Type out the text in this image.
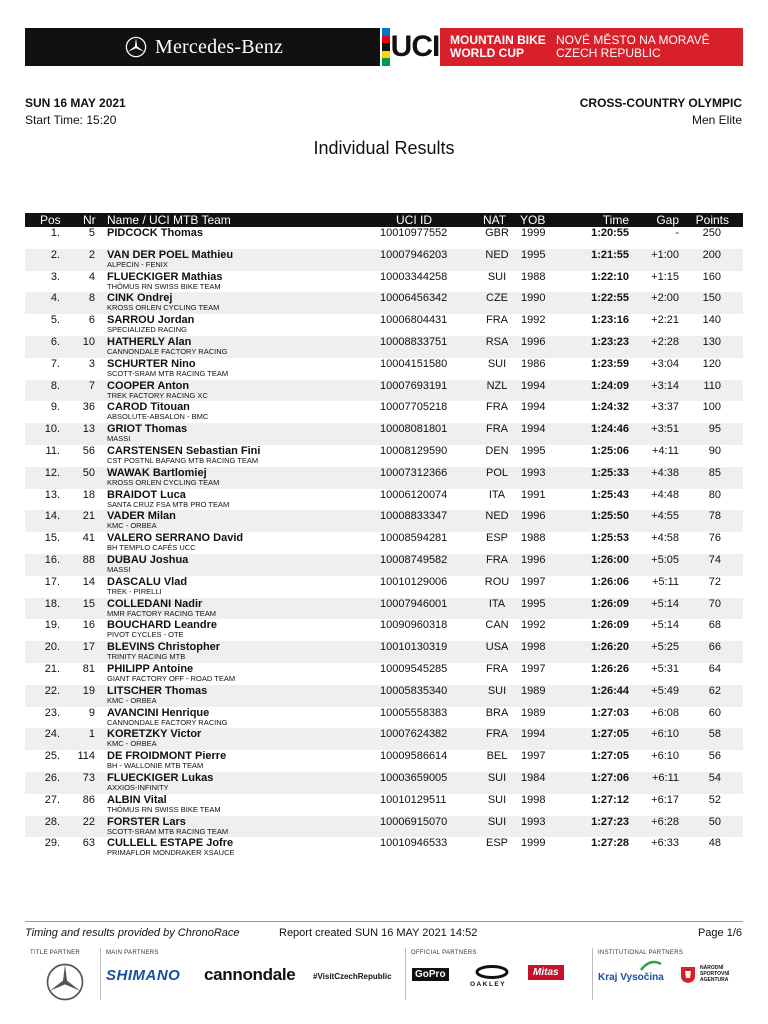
Mercedes-Benz	UCI MOUNTAIN BIKE
WORLD CUP
NOVÉ MĚSTO NA MORAVĚ
CZECH REPUBLIC
SUN 16 MAY 2021
Start Time: 15:20
CROSS-COUNTRY OLYMPIC
Men Elite
Individual Results
Pos Nr Name / UCI MTB Team	UCI ID	NAT YOB	Time Gap Points
1.	5 PIDCOCK Thomas	10010977552	GBR 1999	1:20:55	- 250
2.	2 VAN DER POEL Mathieu
ALPECIN - FENIX
10007946203	NED 1995	1:21:55 +1:00 200
3.	4 FLUECKIGER Mathias
THÖMUS RN SWISS BIKE TEAM
10003344258	SUI	1988	1:22:10 +1:15 160
4.	8 CINK Ondrej
KROSS ORLEN CYCLING TEAM
10006456342	CZE 1990	1:22:55 +2:00 150
5.	6 SARROU Jordan
SPECIALIZED RACING
10006804431	FRA 1992	1:23:16 +2:21 140
6. 10 HATHERLY Alan
CANNONDALE FACTORY RACING
10008833751	RSA 1996	1:23:23 +2:28 130
7.	3 SCHURTER Nino
SCOTT-SRAM MTB RACING TEAM
10004151580	SUI	1986	1:23:59 +3:04 120
8.	7 COOPER Anton
TREK FACTORY RACING XC
10007693191	NZL	1994	1:24:09 +3:14 110
9. 36 CAROD Titouan
ABSOLUTE-ABSALON - BMC
10007705218	FRA 1994	1:24:32 +3:37 100
10. 13 GRIOT Thomas
MASSI
10008081801	FRA 1994	1:24:46 +3:51	95
11. 56 CARSTENSEN Sebastian Fini
CST POSTNL BAFANG MTB RACING TEAM
10008129590	DEN 1995	1:25:06 +4:11	90
12. 50 WAWAK Bartlomiej
KROSS ORLEN CYCLING TEAM
10007312366	POL 1993	1:25:33 +4:38	85
13. 18 BRAIDOT Luca
SANTA CRUZ FSA MTB PRO TEAM
10006120074	ITA	1991	1:25:43 +4:48	80
14. 21 VADER Milan
KMC - ORBEA
10008833347	NED 1996	1:25:50 +4:55	78
15. 41 VALERO SERRANO David
BH TEMPLO CAFÉS UCC
10008594281	ESP 1988	1:25:53 +4:58	76
16. 88 DUBAU Joshua
MASSI
10008749582	FRA 1996	1:26:00 +5:05	74
17. 14 DASCALU Vlad
TREK - PIRELLI
10010129006	ROU 1997	1:26:06 +5:11	72
18. 15 COLLEDANI Nadir
MMR FACTORY RACING TEAM
10007946001	ITA	1995	1:26:09 +5:14	70
19. 16 BOUCHARD Leandre
PIVOT CYCLES - OTE
10090960318	CAN 1992	1:26:09 +5:14	68
20. 17 BLEVINS Christopher
TRINITY RACING MTB
10010130319	USA 1998	1:26:20 +5:25	66
21. 81 PHILIPP Antoine
GIANT FACTORY OFF - ROAD TEAM
10009545285	FRA 1997	1:26:26 +5:31	64
22. 19 LITSCHER Thomas
KMC - ORBEA
10005835340	SUI	1989	1:26:44 +5:49	62
23.	9 AVANCINI Henrique
CANNONDALE FACTORY RACING
10005558383	BRA 1989	1:27:03 +6:08	60
24.	1 KORETZKY Victor
KMC - ORBEA
10007624382	FRA 1994	1:27:05 +6:10	58
25. 114 DE FROIDMONT Pierre
BH - WALLONIE MTB TEAM
10009586614	BEL	1997	1:27:05 +6:10	56
26. 73 FLUECKIGER Lukas
AXXIOS-INFINITY
10003659005	SUI	1984	1:27:06 +6:11	54
27. 86 ALBIN Vital
THÖMUS RN SWISS BIKE TEAM
10010129511	SUI	1998	1:27:12 +6:17	52
28. 22 FORSTER Lars
SCOTT-SRAM MTB RACING TEAM
10006915070	SUI	1993	1:27:23 +6:28	50
29. 63 CULLELL ESTAPE Jofre
PRIMAFLOR MONDRAKER XSAUCE
10010946533	ESP 1999	1:27:28 +6:33	48
Timing and results provided by ChronoRace	Report created SUN 16 MAY 2021 14:52	Page 1/6
TITLE PARTNER	MAIN PARTNERS	OFFICIAL PARTNERS	INSTITUTIONAL PARTNERS
SHIMANO cannondale #VisitCzechRepublic	GoPro
OAKLEY
Mitas	Kraj Vysočina
NÁRODNÍ SPORTOVNÍ AGENTURA
